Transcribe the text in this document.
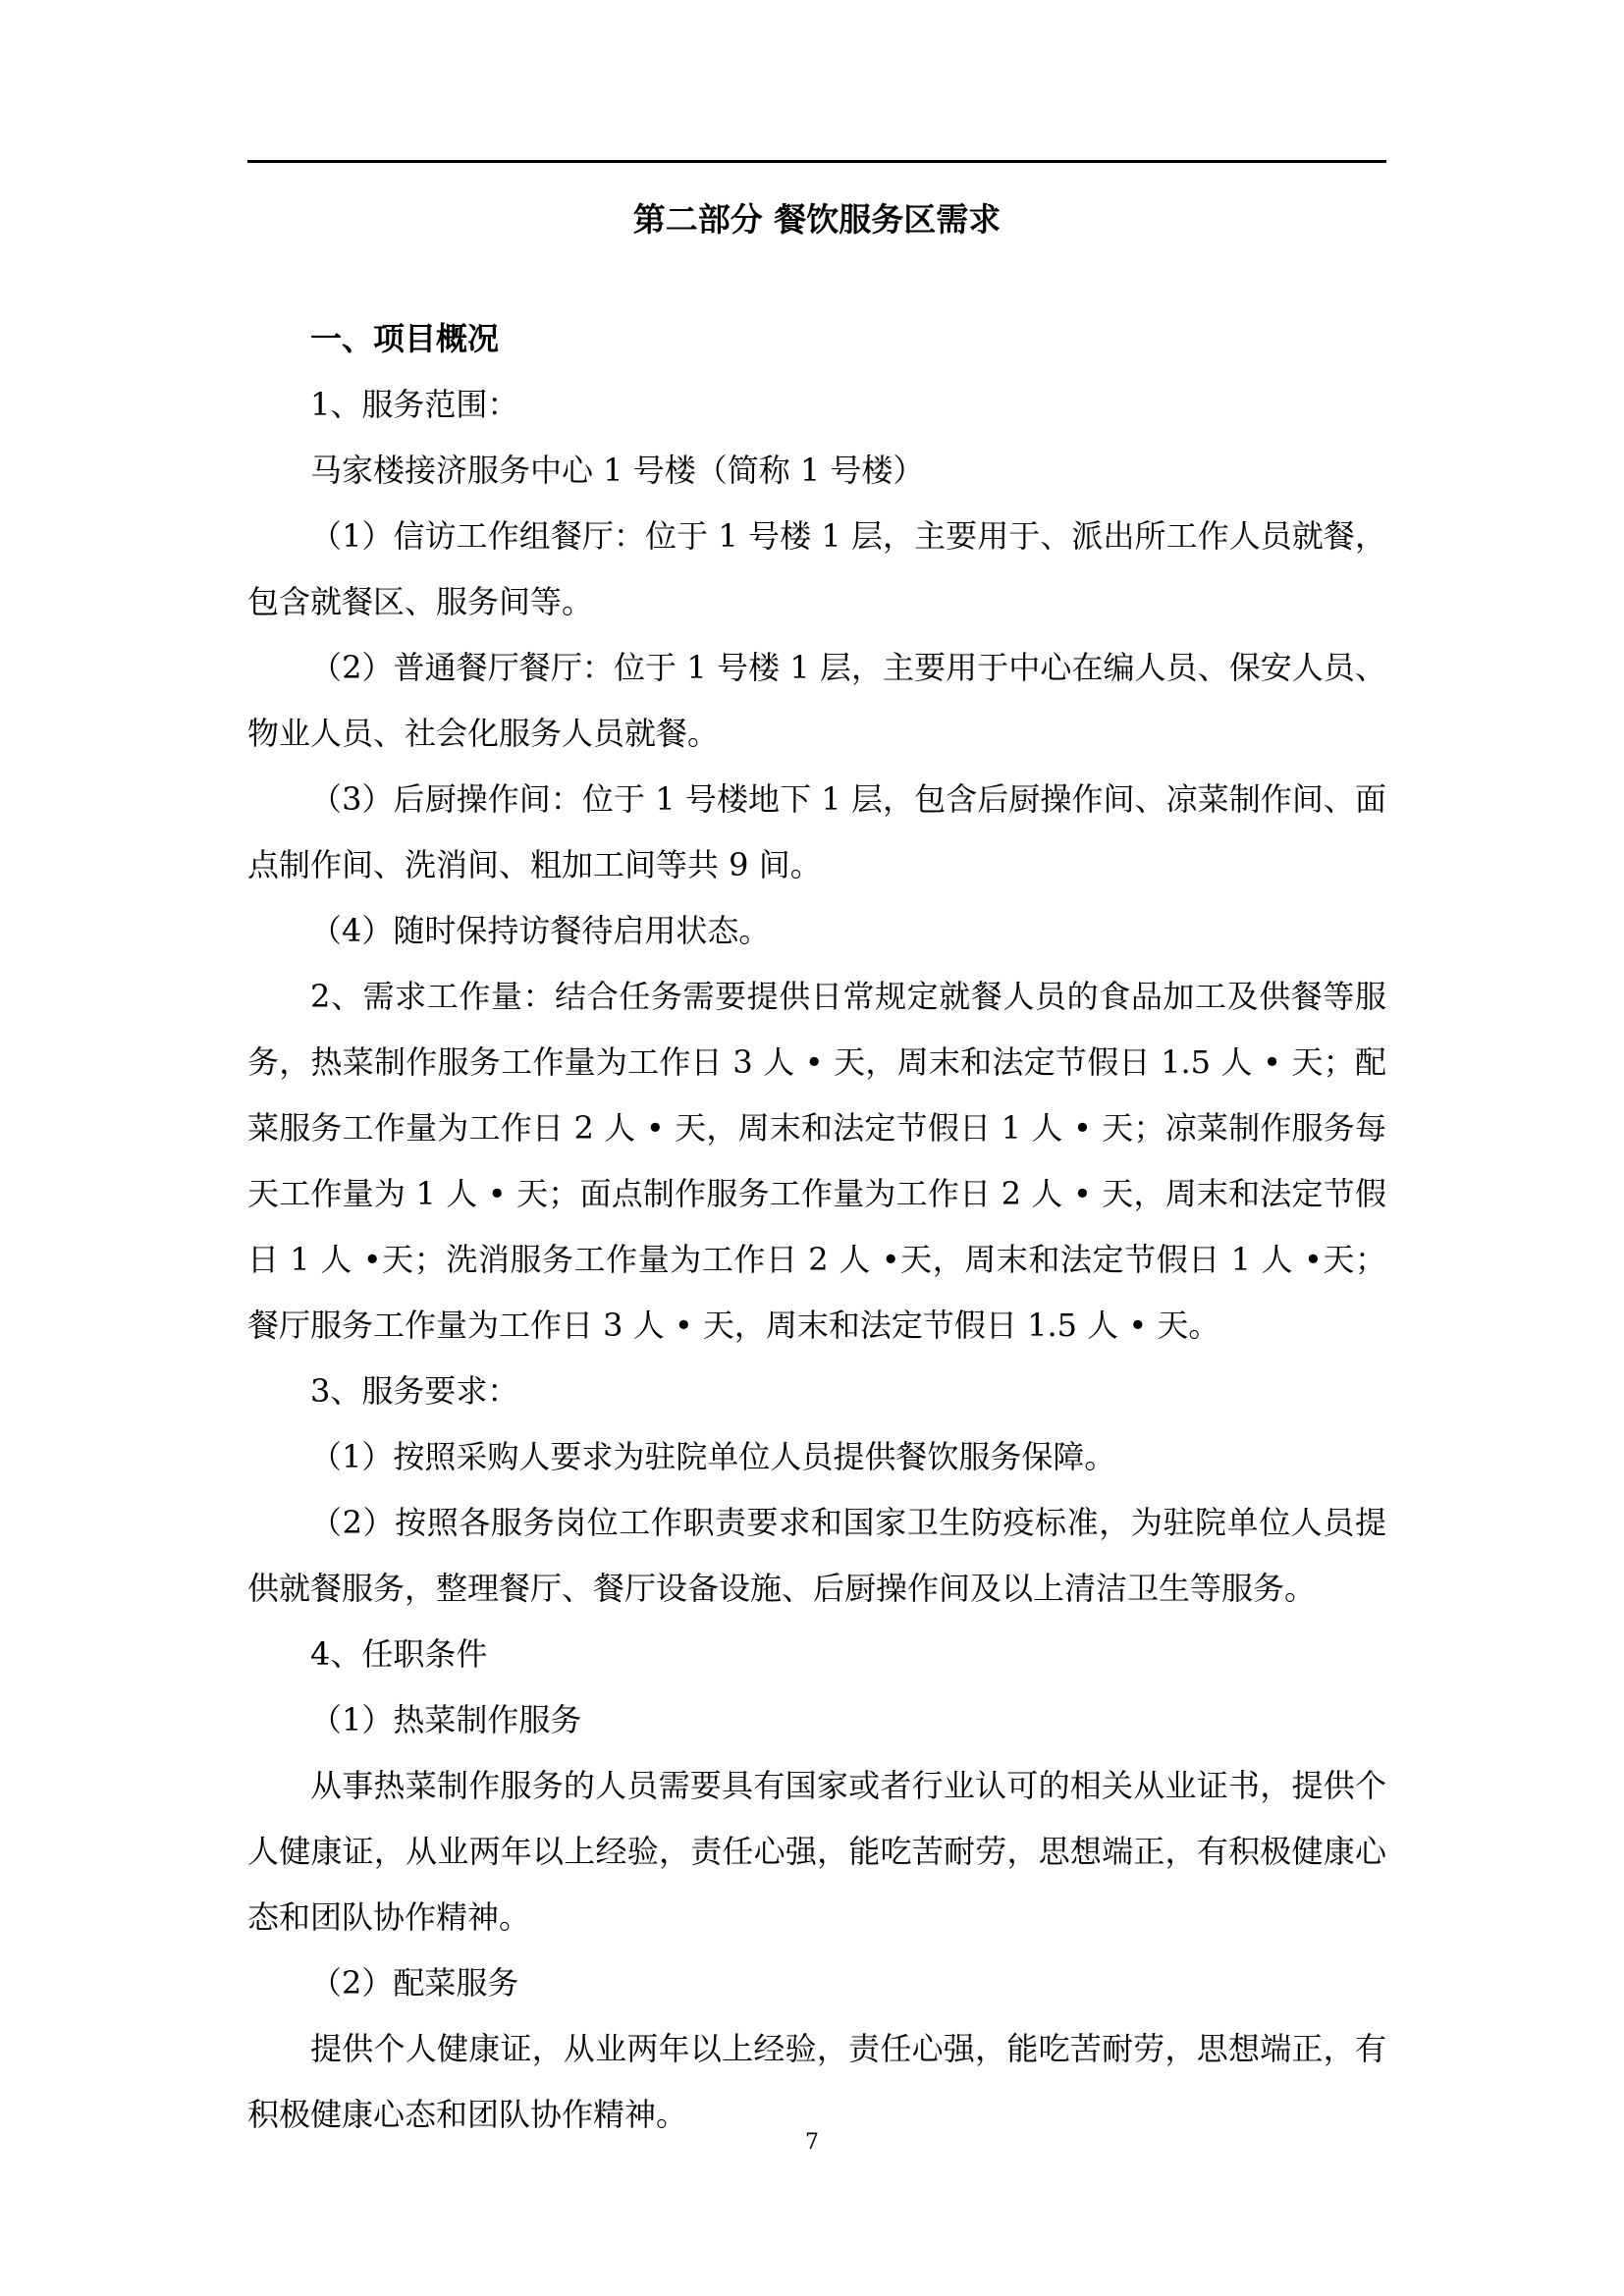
第二部分 餐饮服务区需求

一、项目概况

1、服务范围：

马家楼接济服务中心 1 号楼（简称 1 号楼）

（1）信访工作组餐厅：位于 1 号楼 1 层，主要用于、派出所工作人员就餐，包含就餐区、服务间等。

（2）普通餐厅餐厅：位于 1 号楼 1 层，主要用于中心在编人员、保安人员、物业人员、社会化服务人员就餐。

（3）后厨操作间：位于 1 号楼地下 1 层，包含后厨操作间、凉菜制作间、面点制作间、洗消间、粗加工间等共 9 间。

（4）随时保持访餐待启用状态。

2、需求工作量：结合任务需要提供日常规定就餐人员的食品加工及供餐等服务，热菜制作服务工作量为工作日 3 人 • 天，周末和法定节假日 1.5 人 • 天；配菜服务工作量为工作日 2 人 • 天，周末和法定节假日 1 人 • 天；凉菜制作服务每天工作量为 1 人 • 天；面点制作服务工作量为工作日 2 人 • 天，周末和法定节假日 1 人 •天；洗消服务工作量为工作日 2 人 •天，周末和法定节假日 1 人 •天；餐厅服务工作量为工作日 3 人 • 天，周末和法定节假日 1.5 人 • 天。

3、服务要求：

（1）按照采购人要求为驻院单位人员提供餐饮服务保障。

（2）按照各服务岗位工作职责要求和国家卫生防疫标准，为驻院单位人员提供就餐服务，整理餐厅、餐厅设备设施、后厨操作间及以上清洁卫生等服务。

4、任职条件

（1）热菜制作服务

从事热菜制作服务的人员需要具有国家或者行业认可的相关从业证书，提供个人健康证，从业两年以上经验，责任心强，能吃苦耐劳，思想端正，有积极健康心态和团队协作精神。

（2）配菜服务

提供个人健康证，从业两年以上经验，责任心强，能吃苦耐劳，思想端正，有积极健康心态和团队协作精神。

7
